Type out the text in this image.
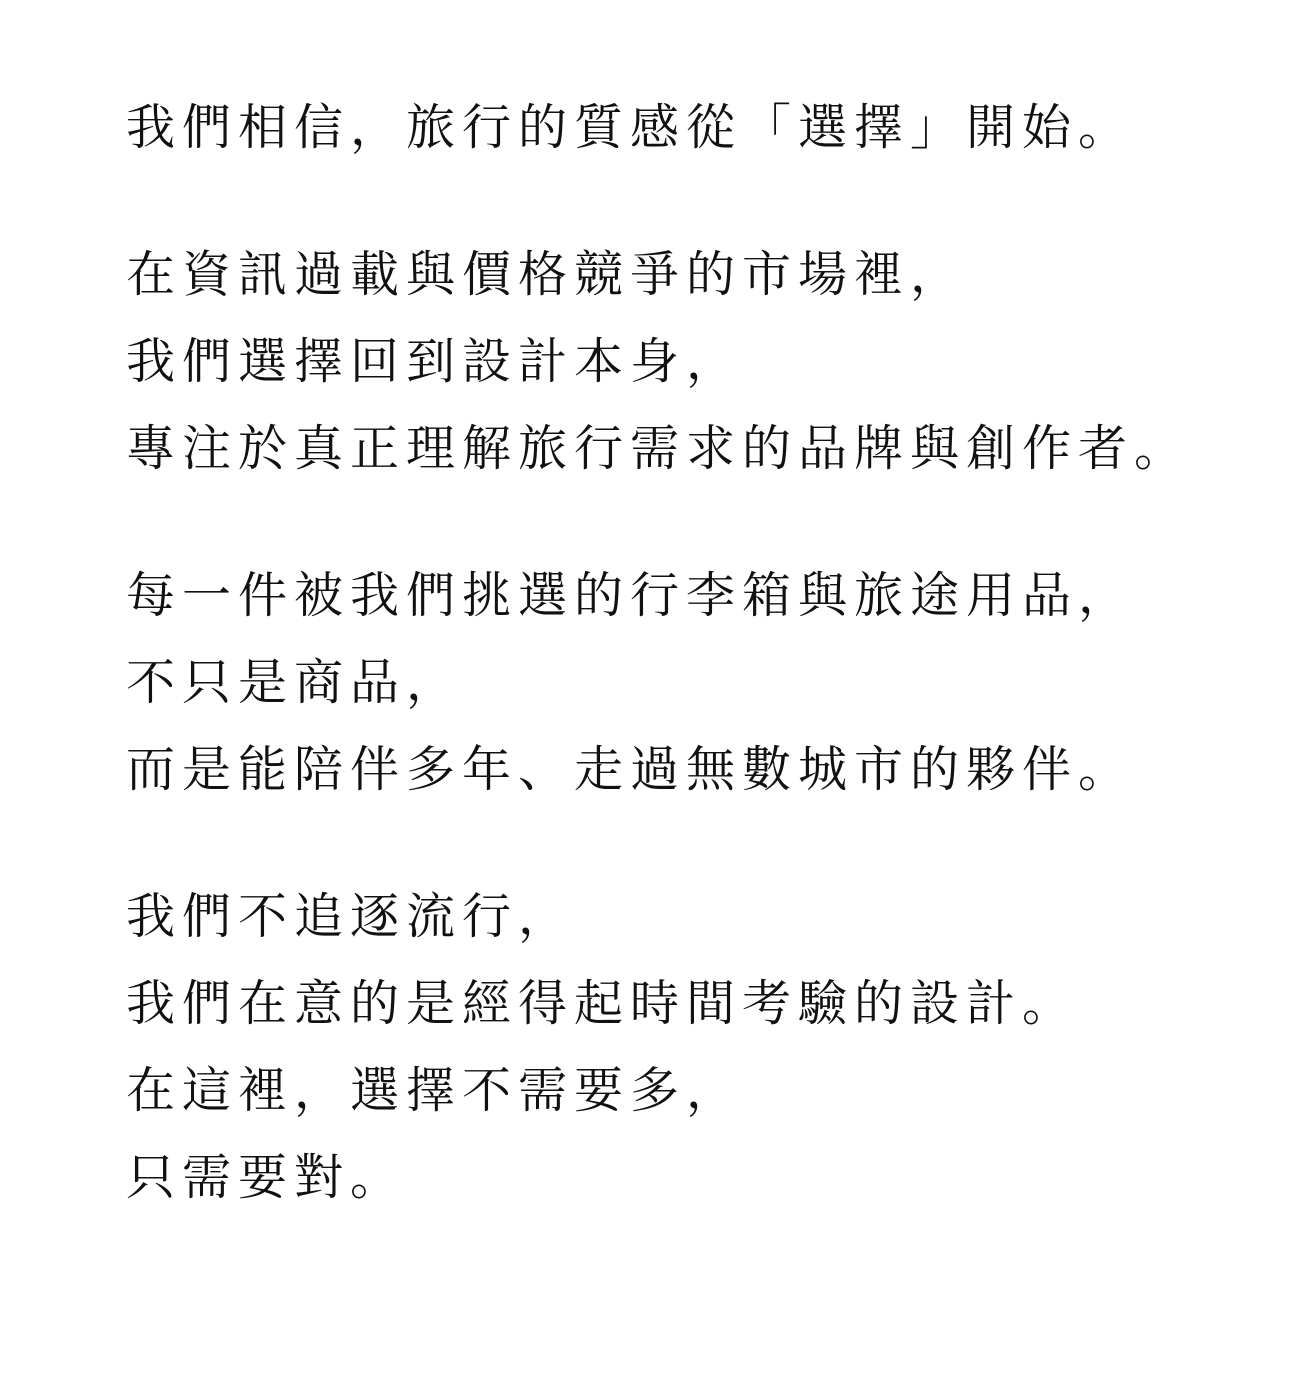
我們相信，旅行的質感從「選擇」開始。
在資訊過載與價格競爭的市場裡，
我們選擇回到設計本身，
專注於真正理解旅行需求的品牌與創作者。
每一件被我們挑選的行李箱與旅途用品，
不只是商品，
而是能陪伴多年、走過無數城市的夥伴。
我們不追逐流行，
我們在意的是經得起時間考驗的設計。
在這裡，選擇不需要多，
只需要對。
